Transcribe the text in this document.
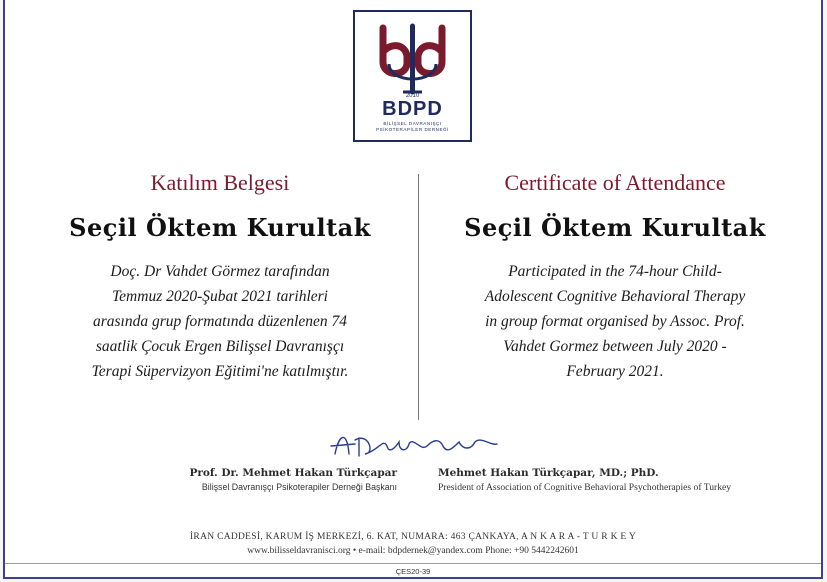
2010
BDPD
BİLİŞSEL DAVRANIŞÇI
PSİKOTERAPİLER DERNEĞİ
Katılım Belgesi
Seçil Öktem Kurultak
Doç. Dr Vahdet Görmez tarafından
Temmuz 2020-Şubat 2021 tarihleri
arasında grup formatında düzenlenen 74
saatlik Çocuk Ergen Bilişsel Davranışçı
Terapi Süpervizyon Eğitimi'ne katılmıştır.
Certificate of Attendance
Seçil Öktem Kurultak
Participated in the 74-hour Child-
Adolescent Cognitive Behavioral Therapy
in group format organised by Assoc. Prof.
Vahdet Gormez between July 2020 -
February 2021.
Prof. Dr. Mehmet Hakan Türkçapar
Bilişsel Davranışçı Psikoterapiler Derneği Başkanı
Mehmet Hakan Türkçapar, MD.; PhD.
President of Association of Cognitive Behavioral Psychotherapies of Turkey
İRAN CADDESİ, KARUM İŞ MERKEZİ, 6. KAT, NUMARA: 463 ÇANKAYA, A N K A R A - T U R K E Y
www.bilisseldavranisci.org • e-mail: bdpdernek@yandex.com Phone: +90 5442242601
ÇES20-39
